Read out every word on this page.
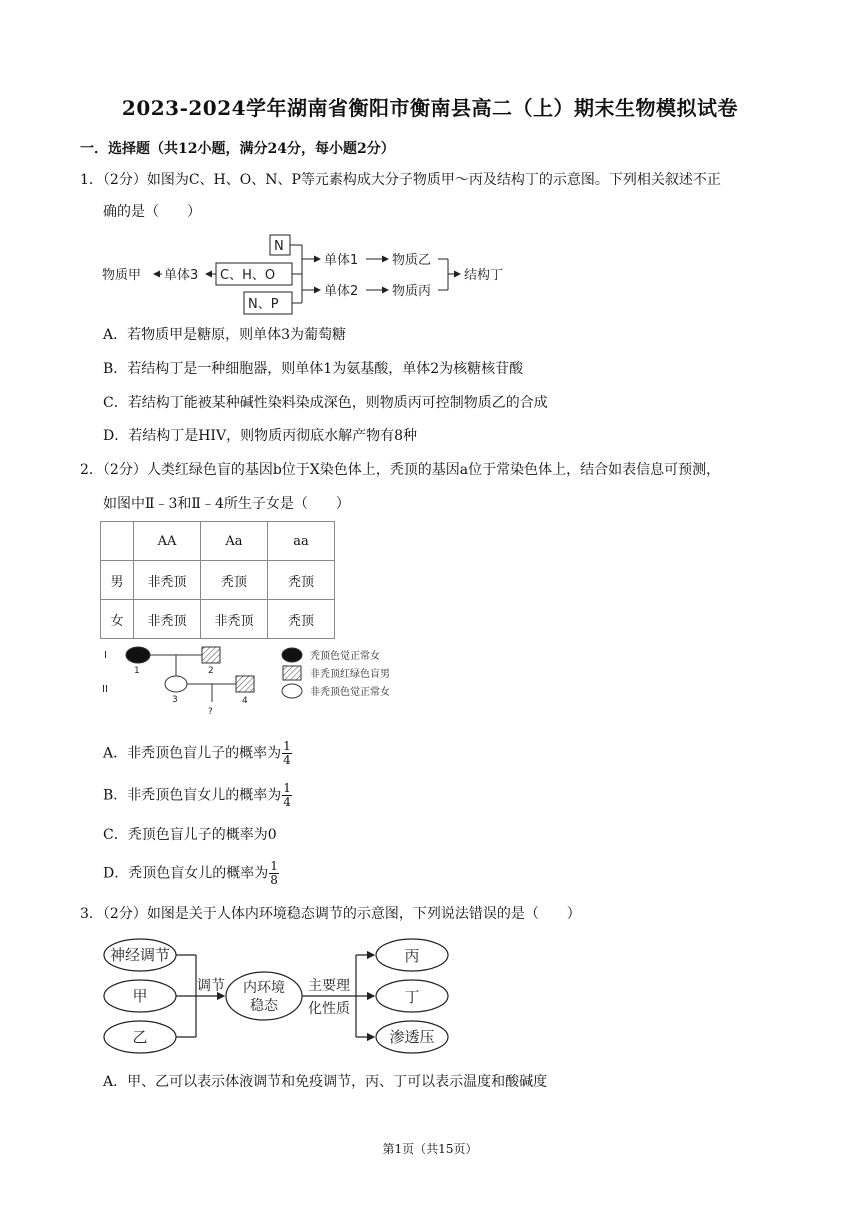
2023-2024学年湖南省衡阳市衡南县高二（上）期末生物模拟试卷
一．选择题（共12小题，满分24分，每小题2分）
1．（2分）如图为C、H、O、N、P等元素构成大分子物质甲～丙及结构丁的示意图。下列相关叙述不正
确的是（　　）
N
C、H、O
N、P
物质甲 单体3
单体1
单体2
物质乙
物质丙
结构丁
A．若物质甲是糖原，则单体3为葡萄糖
B．若结构丁是一种细胞器，则单体1为氨基酸，单体2为核糖核苷酸
C．若结构丁能被某种碱性染料染成深色，则物质丙可控制物质乙的合成
D．若结构丁是HIV，则物质丙彻底水解产物有8种
2．（2分）人类红绿色盲的基因b位于X染色体上，秃顶的基因a位于常染色体上，结合如表信息可预测，
如图中Ⅱ﹣3和Ⅱ﹣4所生子女是（　　）
	AA	Aa	aa
男	非秃顶	秃顶	秃顶
女	非秃顶	非秃顶	秃顶
I
II
1	2
3	4
?
秃顶色觉正常女
非秃顶红绿色盲男
非秃顶色觉正常女
A．非秃顶色盲儿子的概率为 $\frac{1}{4}$
B．非秃顶色盲女儿的概率为 $\frac{1}{4}$
C．秃顶色盲儿子的概率为0
D．秃顶色盲女儿的概率为 $\frac{1}{8}$
3．（2分）如图是关于人体内环境稳态调节的示意图，下列说法错误的是（　　）
神经调节
甲
乙
调节 内环境
稳态
主要理
化性质
丙
丁
渗透压
A．甲、乙可以表示体液调节和免疫调节，丙、丁可以表示温度和酸碱度
第1页（共15页）
